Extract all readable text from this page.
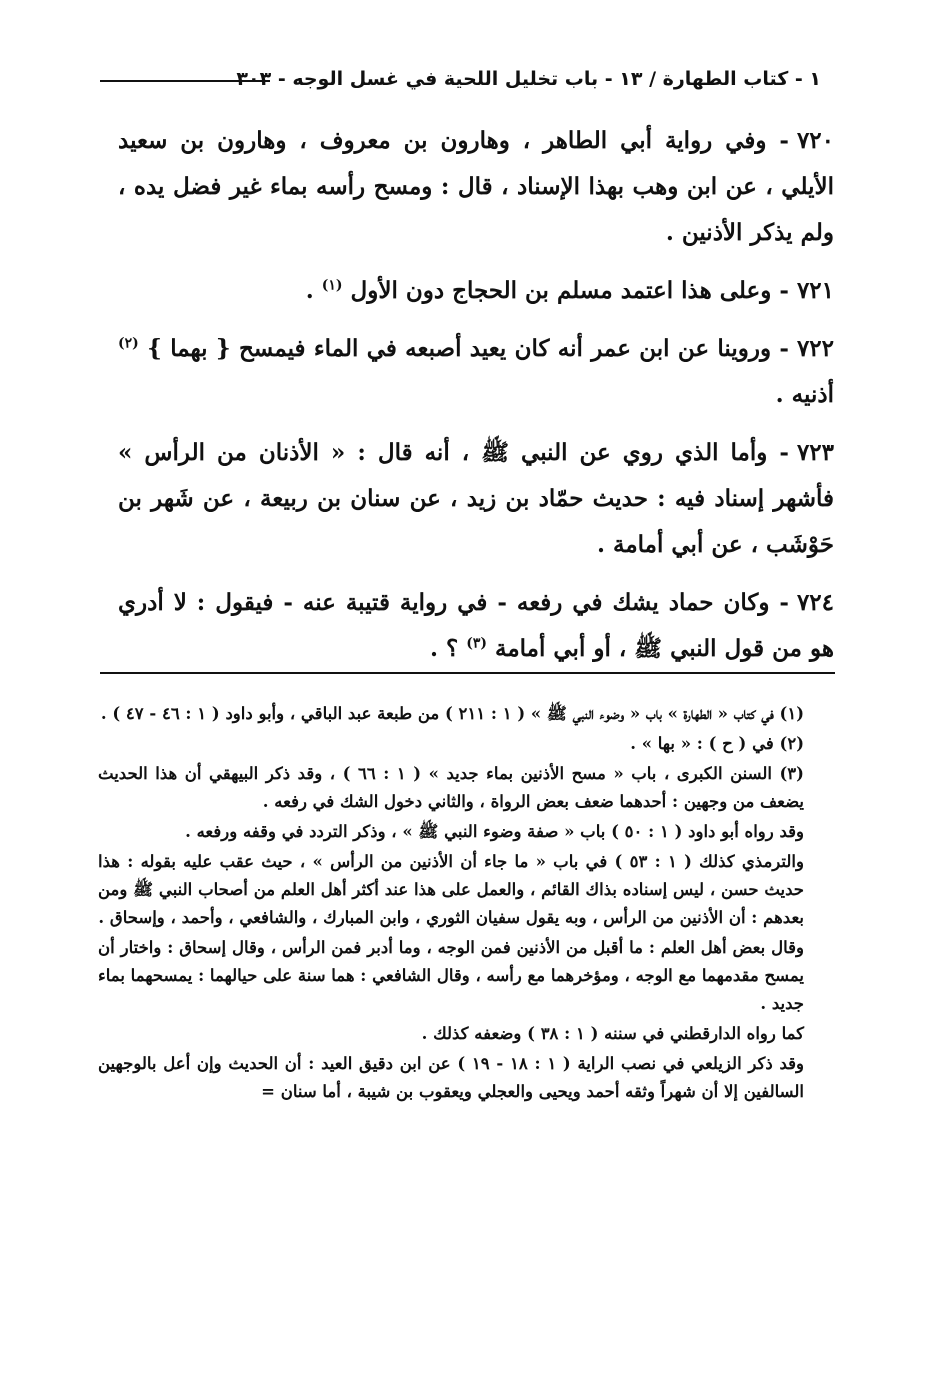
١ - كتاب الطهارة / ١٣ - باب تخليل اللحية في غسل الوجه - ٣٠٣

٧٢٠- وفي رواية أبي الطاهر ، وهارون بن معروف ، وهارون بن سعيد الأيلي ، عن ابن وهب بهذا الإسناد ، قال : ومسح رأسه بماء غير فضل يده ، ولم يذكر الأذنين .

٧٢١- وعلى هذا اعتمد مسلم بن الحجاج دون الأول $^{(١)}$ .

٧٢٢- وروينا عن ابن عمر أنه كان يعيد أصبعه في الماء فيمسح { بهما } $^{(٢)}$ أذنيه .

٧٢٣- وأما الذي روي عن النبي ﷺ ، أنه قال : « الأذنان من الرأس » فأشهر إسناد فيه : حديث حمّاد بن زيد ، عن سنان بن ربيعة ، عن شَهر بن حَوْشَب ، عن أبي أمامة .

٧٢٤- وكان حماد يشك في رفعه - في رواية قتيبة عنه - فيقول : لا أدري هو من قول النبي ﷺ ، أو أبي أمامة $^{(٣)}$ ؟ .

(١) في كتاب « الطهارة » باب « وضوء النبي ﷺ » ( ١ : ٢١١ ) من طبعة عبد الباقي ، وأبو داود ( ١ : ٤٦ - ٤٧ ) .

(٢) في ( ح ) : « بها » .

(٣) السنن الكبرى ، باب « مسح الأذنين بماء جديد » ( ١ : ٦٦ ) ، وقد ذكر البيهقي أن هذا الحديث يضعف من وجهين : أحدهما ضعف بعض الرواة ، والثاني دخول الشك في رفعه .

وقد رواه أبو داود ( ١ : ٥٠ ) باب « صفة وضوء النبي ﷺ » ، وذكر التردد في وقفه ورفعه .

والترمذي كذلك ( ١ : ٥٣ ) في باب « ما جاء أن الأذنين من الرأس » ، حيث عقب عليه بقوله : هذا حديث حسن ، ليس إسناده بذاك القائم ، والعمل على هذا عند أكثر أهل العلم من أصحاب النبي ﷺ ومن بعدهم : أن الأذنين من الرأس ، وبه يقول سفيان الثوري ، وابن المبارك ، والشافعي ، وأحمد ، وإسحاق .

وقال بعض أهل العلم : ما أقبل من الأذنين فمن الوجه ، وما أدبر فمن الرأس ، وقال إسحاق : واختار أن يمسح مقدمهما مع الوجه ، ومؤخرهما مع رأسه ، وقال الشافعي : هما سنة على حيالهما : يمسحهما بماء جديد .

كما رواه الدارقطني في سننه ( ١ : ٣٨ ) وضعفه كذلك .

وقد ذكر الزيلعي في نصب الراية ( ١ : ١٨ - ١٩ ) عن ابن دقيق العيد : أن الحديث وإن أعل بالوجهين السالفين إلا أن شهراً وثقه أحمد ويحيى والعجلي ويعقوب بن شيبة ، أما سنان =
